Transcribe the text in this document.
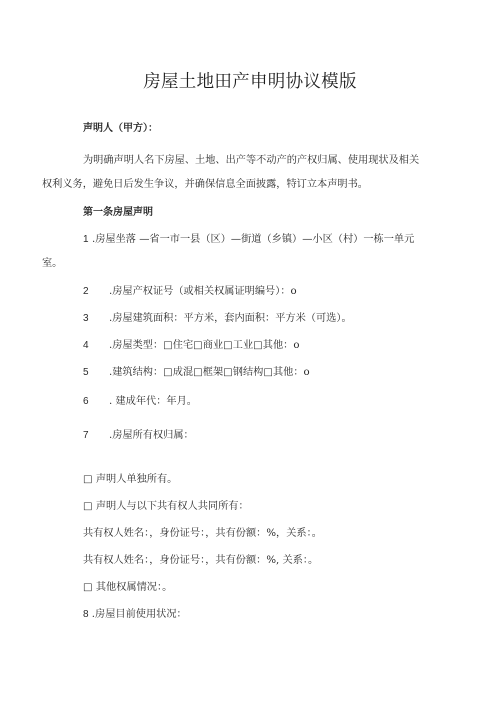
房屋土地田产申明协议模版
声明人（甲方）：
为明确声明人名下房屋、土地、出产等不动产的产权归属、使用现状及相关
权利义务，避免日后发生争议，并确保信息全面披露，特订立本声明书。
第一条房屋声明
1 .房屋坐落 —省一市一县（区）—街道（乡镇）—小区（村）一栋一单元
室。
2 .房屋产权证号（或相关权属证明编号）：o
3 .房屋建筑面积：平方米，套内面积：平方米（可选）。
4 .房屋类型：□住宅□商业□工业□其他：o
5 .建筑结构：□成混□框架□钢结构□其他：o
6 . 建成年代：年月。
7 .房屋所有权归属：
□ 声明人单独所有。
□ 声明人与以下共有权人共同所有：
共有权人姓名：，身份证号：，共有份额：%，关系：。
共有权人姓名：，身份证号：，共有份额：%, 关系：。
□ 其他权属情况：。
8 .房屋目前使用状况：
